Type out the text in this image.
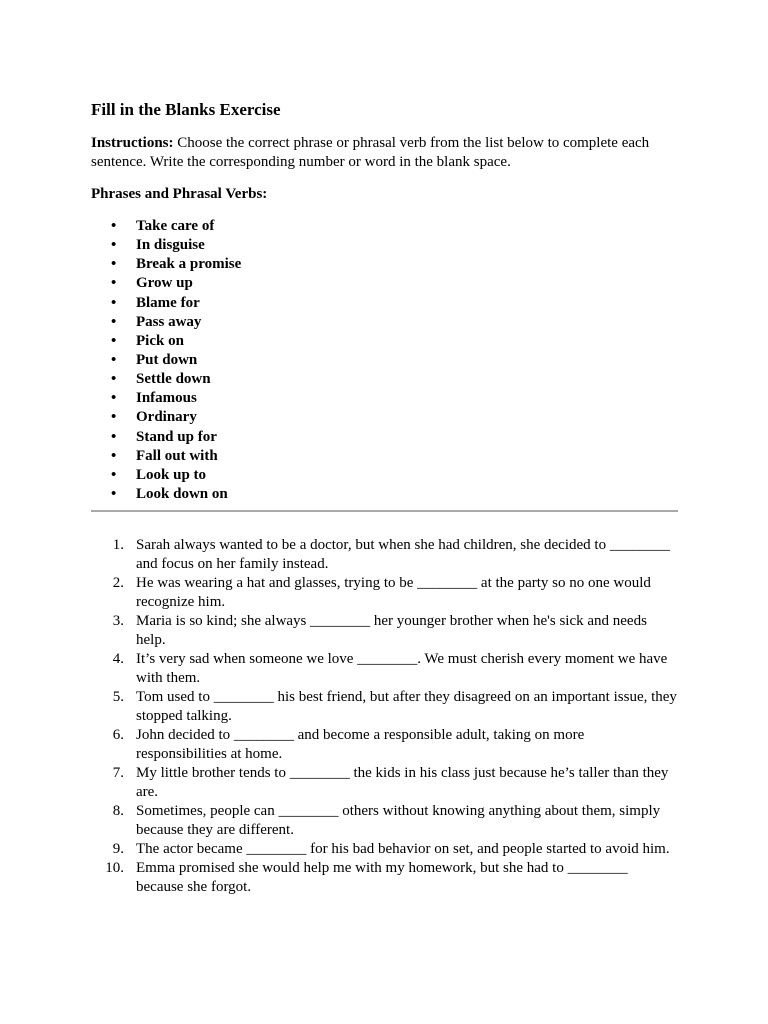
Fill in the Blanks Exercise

Instructions: Choose the correct phrase or phrasal verb from the list below to complete each sentence. Write the corresponding number or word in the blank space.

Phrases and Phrasal Verbs:

• Take care of
• In disguise
• Break a promise
• Grow up
• Blame for
• Pass away
• Pick on
• Put down
• Settle down
• Infamous
• Ordinary
• Stand up for
• Fall out with
• Look up to
• Look down on
1. Sarah always wanted to be a doctor, but when she had children, she decided to ________ and focus on her family instead.
2. He was wearing a hat and glasses, trying to be ________ at the party so no one would recognize him.
3. Maria is so kind; she always ________ her younger brother when he's sick and needs help.
4. It’s very sad when someone we love ________. We must cherish every moment we have with them.
5. Tom used to ________ his best friend, but after they disagreed on an important issue, they stopped talking.
6. John decided to ________ and become a responsible adult, taking on more responsibilities at home.
7. My little brother tends to ________ the kids in his class just because he’s taller than they are.
8. Sometimes, people can ________ others without knowing anything about them, simply because they are different.
9. The actor became ________ for his bad behavior on set, and people started to avoid him.
10. Emma promised she would help me with my homework, but she had to ________ because she forgot.
